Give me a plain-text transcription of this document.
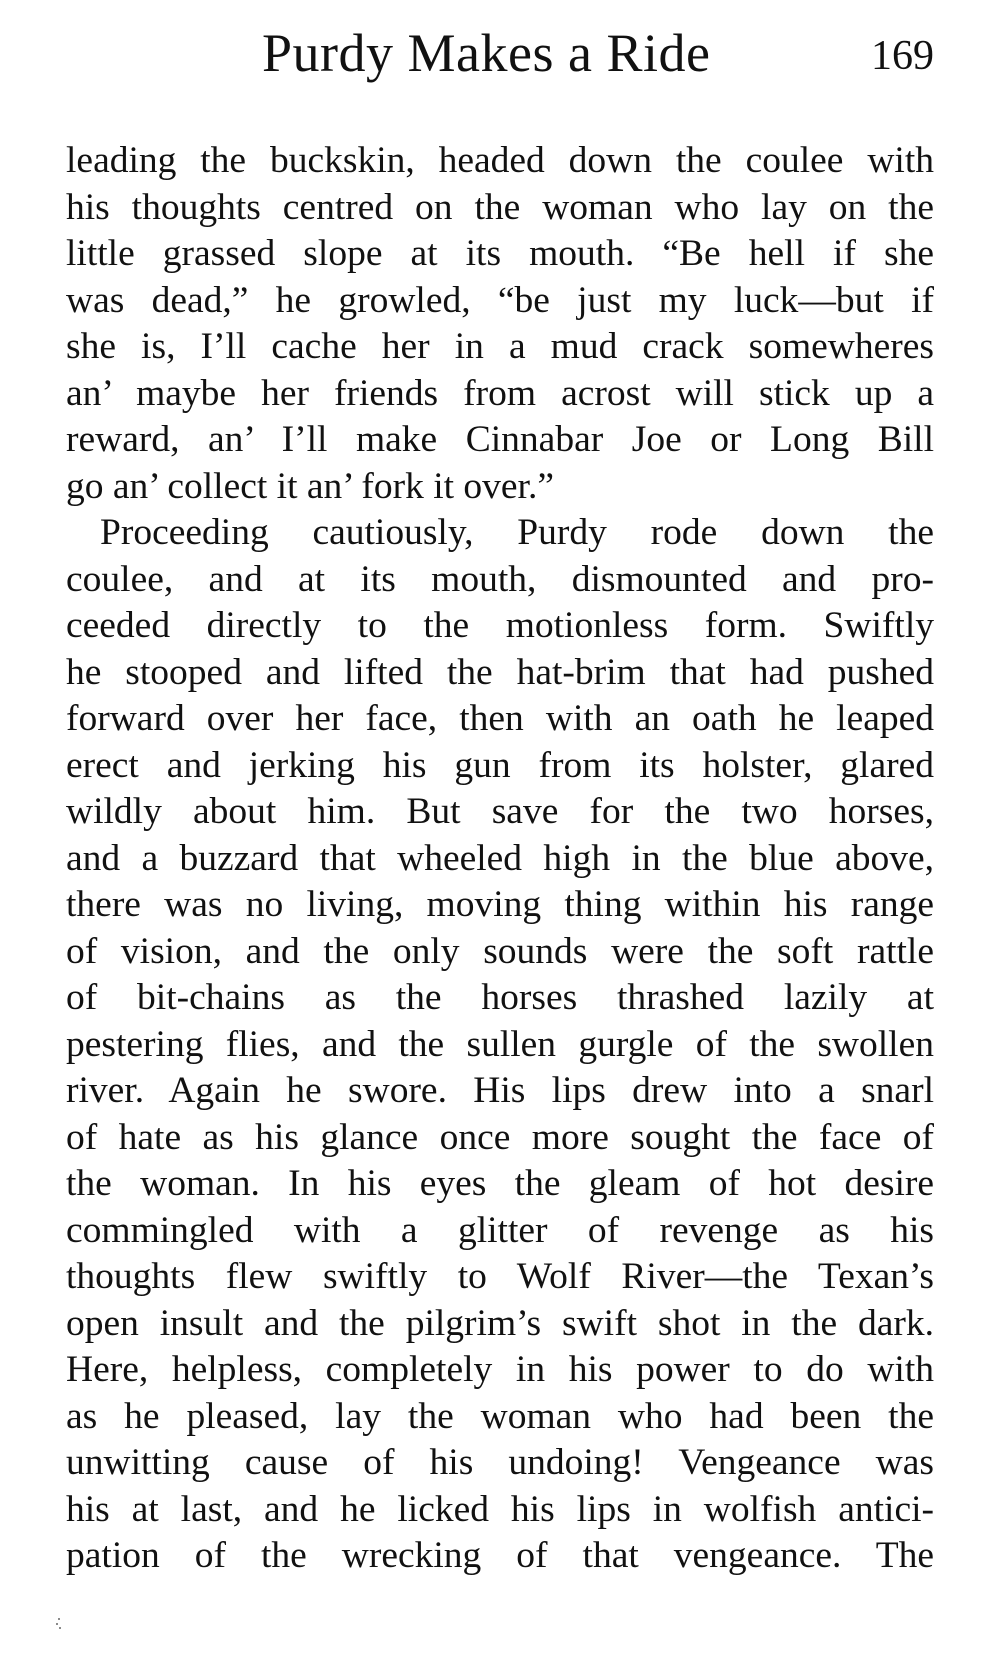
Purdy Makes a Ride	169
leading the buckskin, headed down the coulee with
his thoughts centred on the woman who lay on the
little grassed slope at its mouth. “Be hell if she
was dead,” he growled, “be just my luck—but if
she is, I’ll cache her in a mud crack somewheres
an’ maybe her friends from acrost will stick up a
reward, an’ I’ll make Cinnabar Joe or Long Bill
go an’ collect it an’ fork it over.”
Proceeding cautiously, Purdy rode down the
coulee, and at its mouth, dismounted and pro-
ceeded directly to the motionless form. Swiftly
he stooped and lifted the hat-brim that had pushed
forward over her face, then with an oath he leaped
erect and jerking his gun from its holster, glared
wildly about him. But save for the two horses,
and a buzzard that wheeled high in the blue above,
there was no living, moving thing within his range
of vision, and the only sounds were the soft rattle
of bit-chains as the horses thrashed lazily at
pestering flies, and the sullen gurgle of the swollen
river. Again he swore. His lips drew into a snarl
of hate as his glance once more sought the face of
the woman. In his eyes the gleam of hot desire
commingled with a glitter of revenge as his
thoughts flew swiftly to Wolf River—the Texan’s
open insult and the pilgrim’s swift shot in the dark.
Here, helpless, completely in his power to do with
as he pleased, lay the woman who had been the
unwitting cause of his undoing! Vengeance was
his at last, and he licked his lips in wolfish antici-
pation of the wrecking of that vengeance. The
